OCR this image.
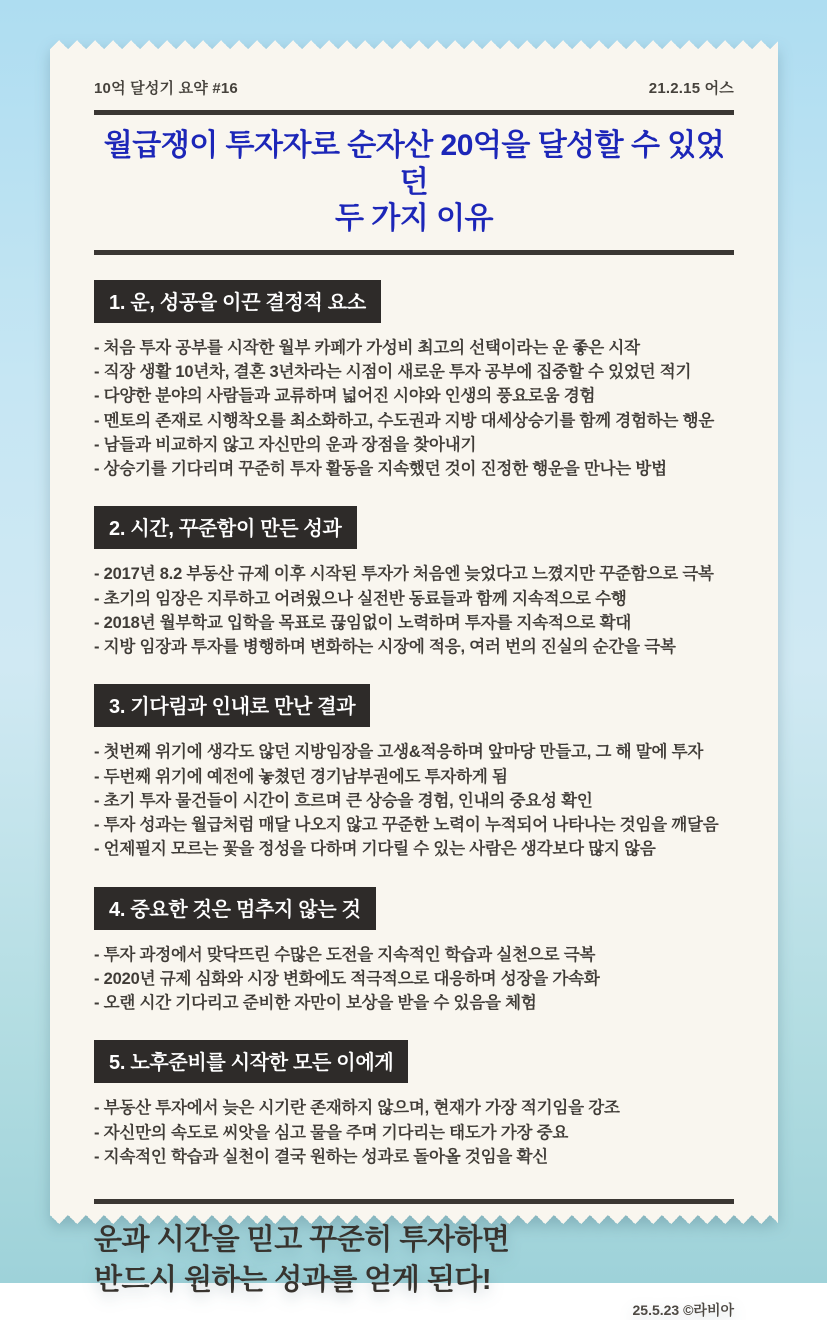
10억 달성기 요약 #16	21.2.15 어스
월급쟁이 투자자로 순자산 20억을 달성할 수 있었던
두 가지 이유
1. 운, 성공을 이끈 결정적 요소
- 처음 투자 공부를 시작한 월부 카페가 가성비 최고의 선택이라는 운 좋은 시작
- 직장 생활 10년차, 결혼 3년차라는 시점이 새로운 투자 공부에 집중할 수 있었던 적기
- 다양한 분야의 사람들과 교류하며 넓어진 시야와 인생의 풍요로움 경험
- 멘토의 존재로 시행착오를 최소화하고, 수도권과 지방 대세상승기를 함께 경험하는 행운
- 남들과 비교하지 않고 자신만의 운과 장점을 찾아내기
- 상승기를 기다리며 꾸준히 투자 활동을 지속했던 것이 진정한 행운을 만나는 방법
2. 시간, 꾸준함이 만든 성과
- 2017년 8.2 부동산 규제 이후 시작된 투자가 처음엔 늦었다고 느꼈지만 꾸준함으로 극복
- 초기의 임장은 지루하고 어려웠으나 실전반 동료들과 함께 지속적으로 수행
- 2018년 월부학교 입학을 목표로 끊임없이 노력하며 투자를 지속적으로 확대
- 지방 임장과 투자를 병행하며 변화하는 시장에 적응, 여러 번의 진실의 순간을 극복
3. 기다림과 인내로 만난 결과
- 첫번째 위기에 생각도 않던 지방임장을 고생&적응하며 앞마당 만들고, 그 해 말에 투자
- 두번째 위기에 예전에 놓쳤던 경기남부권에도 투자하게 됨
- 초기 투자 물건들이 시간이 흐르며 큰 상승을 경험, 인내의 중요성 확인
- 투자 성과는 월급처럼 매달 나오지 않고 꾸준한 노력이 누적되어 나타나는 것임을 깨달음
- 언제필지 모르는 꽃을 정성을 다하며 기다릴 수 있는 사람은 생각보다 많지 않음
4. 중요한 것은 멈추지 않는 것
- 투자 과정에서 맞닥뜨린 수많은 도전을 지속적인 학습과 실천으로 극복
- 2020년 규제 심화와 시장 변화에도 적극적으로 대응하며 성장을 가속화
- 오랜 시간 기다리고 준비한 자만이 보상을 받을 수 있음을 체험
5. 노후준비를 시작한 모든 이에게
- 부동산 투자에서 늦은 시기란 존재하지 않으며, 현재가 가장 적기임을 강조
- 자신만의 속도로 씨앗을 심고 물을 주며 기다리는 태도가 가장 중요
- 지속적인 학습과 실천이 결국 원하는 성과로 돌아올 것임을 확신
운과 시간을 믿고 꾸준히 투자하면
반드시 원하는 성과를 얻게 된다!
25.5.23 ©라비아
